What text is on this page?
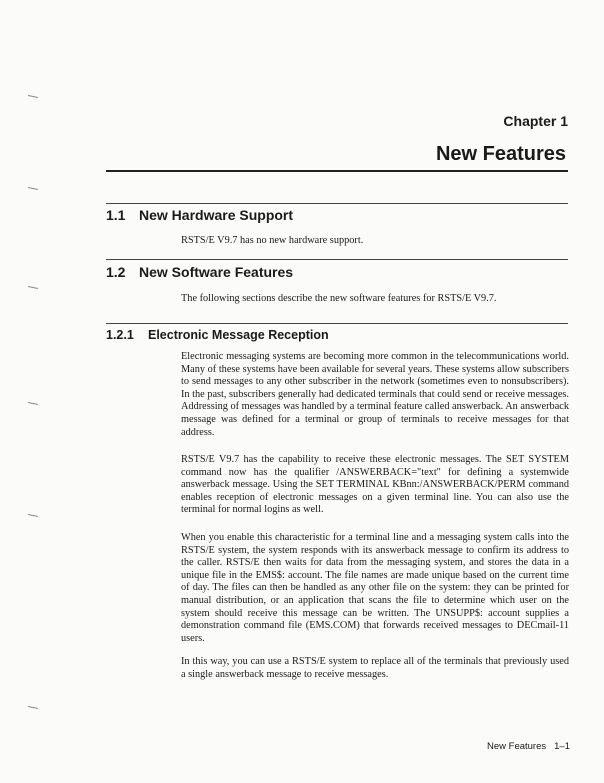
Chapter 1
New Features
1.1 New Hardware Support
RSTS/E V9.7 has no new hardware support.
1.2 New Software Features
The following sections describe the new software features for RSTS/E V9.7.
1.2.1 Electronic Message Reception
Electronic messaging systems are becoming more common in the telecommunications world. Many of these systems have been available for several years. These systems allow subscribers to send messages to any other subscriber in the network (sometimes even to nonsubscribers). In the past, subscribers generally had dedicated terminals that could send or receive messages. Addressing of messages was handled by a terminal feature called answerback. An answerback message was defined for a terminal or group of terminals to receive messages for that address.
RSTS/E V9.7 has the capability to receive these electronic messages. The SET SYSTEM command now has the qualifier /ANSWERBACK="text" for defining a systemwide answerback message. Using the SET TERMINAL KBnn:/ANSWERBACK/PERM command enables reception of electronic messages on a given terminal line. You can also use the terminal for normal logins as well.
When you enable this characteristic for a terminal line and a messaging system calls into the RSTS/E system, the system responds with its answerback message to confirm its address to the caller. RSTS/E then waits for data from the messaging system, and stores the data in a unique file in the EMS$: account. The file names are made unique based on the current time of day. The files can then be handled as any other file on the system: they can be printed for manual distribution, or an application that scans the file to determine which user on the system should receive this message can be written. The UNSUPP$: account supplies a demonstration command file (EMS.COM) that forwards received messages to DECmail-11 users.
In this way, you can use a RSTS/E system to replace all of the terminals that previously used a single answerback message to receive messages.
New Features 1–1
